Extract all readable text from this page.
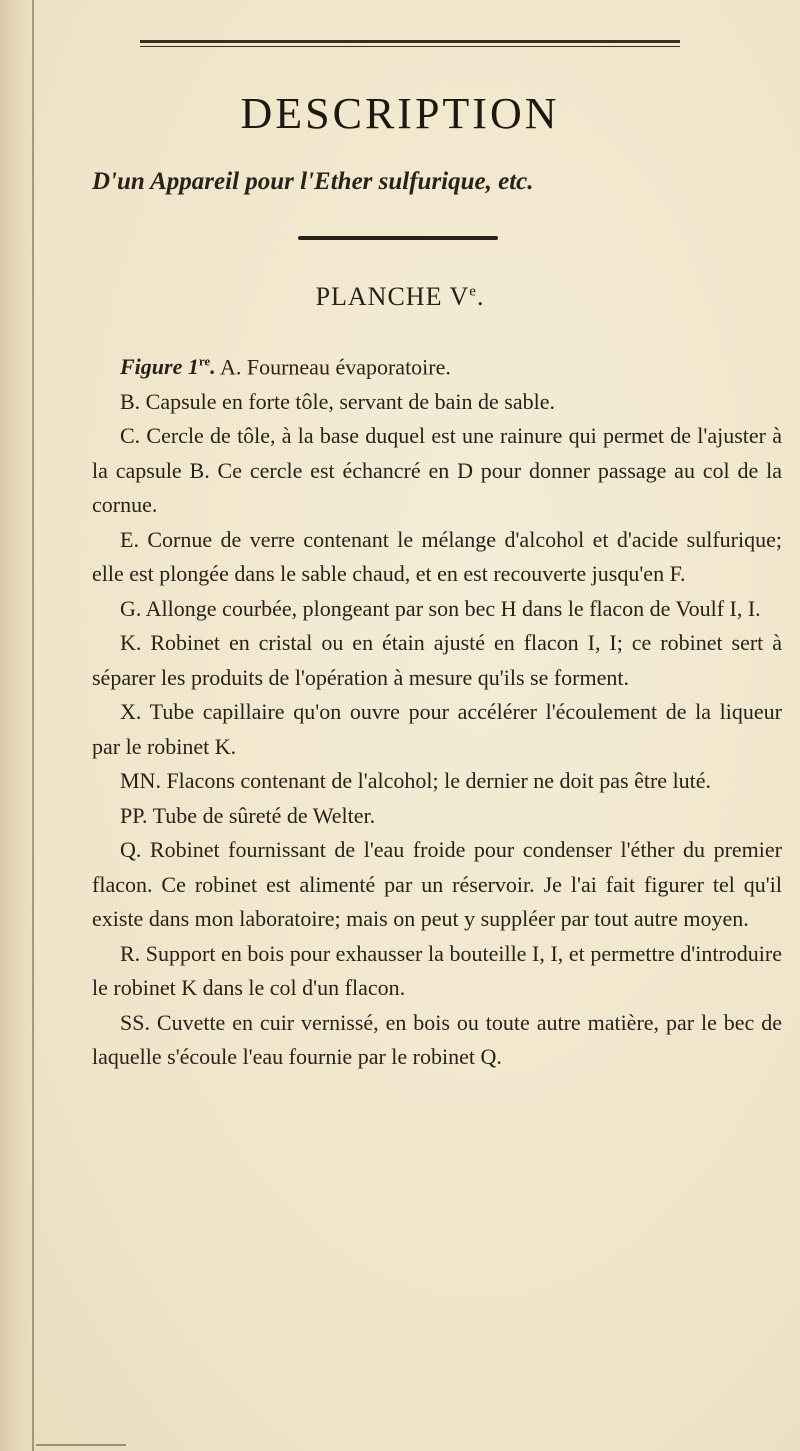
DESCRIPTION
D'un Appareil pour l'Ether sulfurique, etc.
PLANCHE Ve.

Figure 1re. A. Fourneau évaporatoire.

B. Capsule en forte tôle, servant de bain de sable.

C. Cercle de tôle, à la base duquel est une rainure qui permet de l'ajuster à la capsule B. Ce cercle est échancré en D pour donner passage au col de la cornue.

E. Cornue de verre contenant le mélange d'alcohol et d'acide sulfurique; elle est plongée dans le sable chaud, et en est recouverte jusqu'en F.

G. Allonge courbée, plongeant par son bec H dans le flacon de Voulf I, I.

K. Robinet en cristal ou en étain ajusté en flacon I, I; ce robinet sert à séparer les produits de l'opération à mesure qu'ils se forment.

X. Tube capillaire qu'on ouvre pour accélérer l'écoulement de la liqueur par le robinet K.

MN. Flacons contenant de l'alcohol; le dernier ne doit pas être luté.

PP. Tube de sûreté de Welter.

Q. Robinet fournissant de l'eau froide pour condenser l'éther du premier flacon. Ce robinet est alimenté par un réservoir. Je l'ai fait figurer tel qu'il existe dans mon laboratoire; mais on peut y suppléer par tout autre moyen.

R. Support en bois pour exhausser la bouteille I, I, et permettre d'introduire le robinet K dans le col d'un flacon.

SS. Cuvette en cuir vernissé, en bois ou toute autre matière, par le bec de laquelle s'écoule l'eau fournie par le robinet Q.
